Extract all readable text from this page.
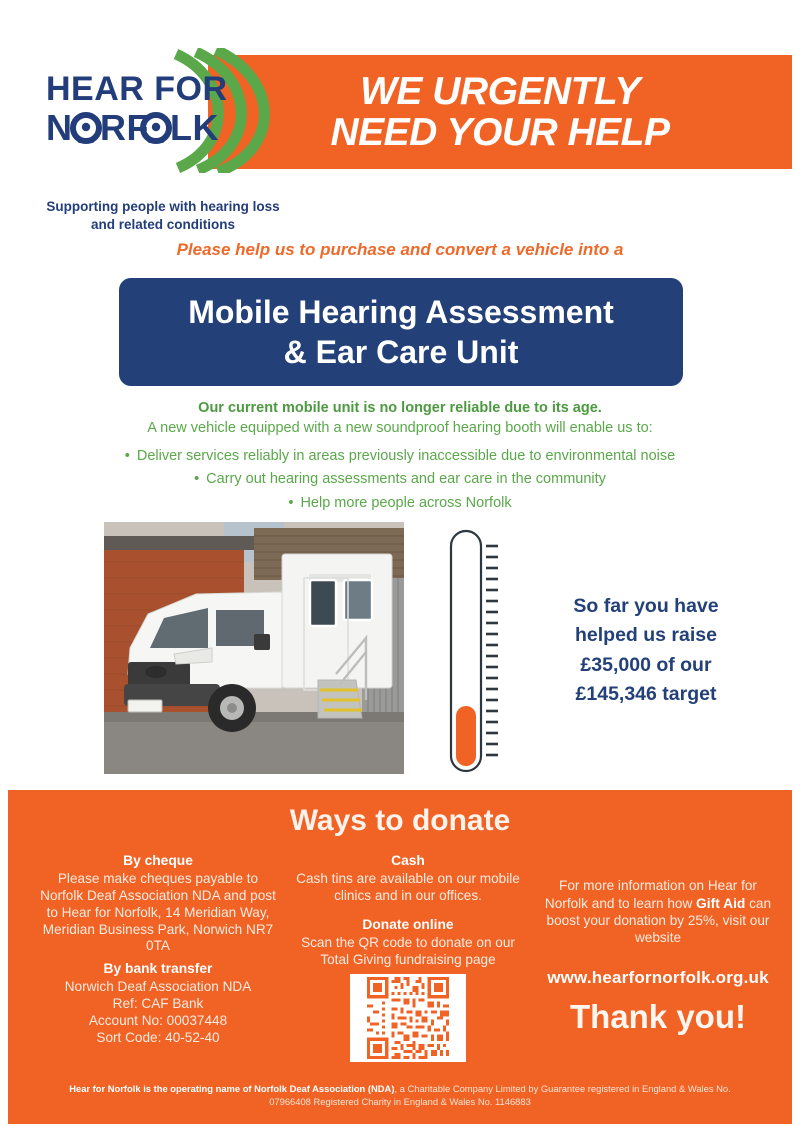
WE URGENTLY
NEED YOUR HELP
HEAR FOR
N RF LK
Supporting people with hearing loss
and related conditions
Please help us to purchase and convert a vehicle into a
Mobile Hearing Assessment
& Ear Care Unit
Our current mobile unit is no longer reliable due to its age.
A new vehicle equipped with a new soundproof hearing booth will enable us to:
• Deliver services reliably in areas previously inaccessible due to environmental noise
• Carry out hearing assessments and ear care in the community
• Help more people across Norfolk
So far you have
helped us raise
£35,000 of our
£145,346 target
Ways to donate
By cheque
Please make cheques payable to Norfolk Deaf Association NDA and post to Hear for Norfolk, 14 Meridian Way, Meridian Business Park, Norwich NR7 0TA
By bank transfer
Norwich Deaf Association NDA
Ref: CAF Bank
Account No: 00037448
Sort Code: 40-52-40
Cash
Cash tins are available on our mobile clinics and in our offices.
Donate online
Scan the QR code to donate on our Total Giving fundraising page
For more information on Hear for Norfolk and to learn how Gift Aid can boost your donation by 25%, visit our website
www.hearfornorfolk.org.uk
Thank you!
Hear for Norfolk is the operating name of Norfolk Deaf Association (NDA), a Charitable Company Limited by Guarantee registered in England & Wales No. 07966408 Registered Charity in England & Wales No. 1146883
